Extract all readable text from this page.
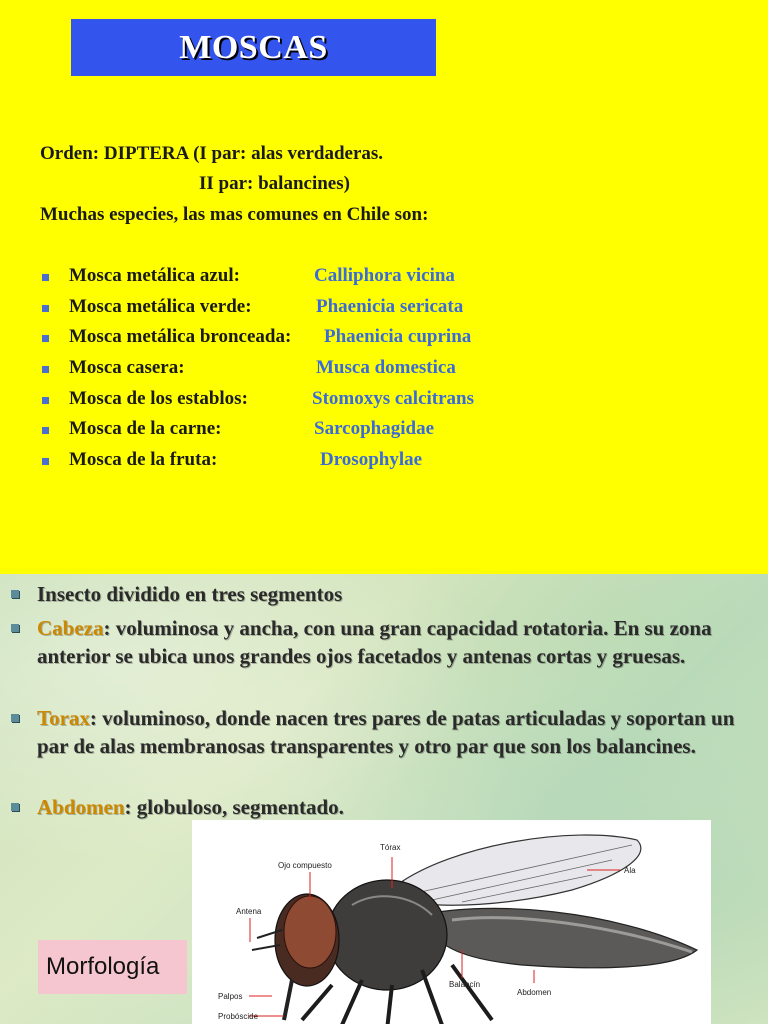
MOSCAS
Orden: DIPTERA (I par: alas verdaderas.
II par: balancines)
Muchas especies, las mas comunes en Chile son:
Mosca metálica azul:	Calliphora vicina
Mosca metálica verde:	Phaenicia sericata
Mosca metálica bronceada: Phaenicia cuprina
Mosca casera:	Musca domestica
Mosca de los establos:	Stomoxys calcitrans
Mosca de la carne:	Sarcophagidae
Mosca de la fruta:	Drosophylae
Insecto dividido en tres segmentos
Cabeza: voluminosa y ancha, con una gran capacidad rotatoria. En su zona anterior se ubica unos grandes ojos facetados y antenas cortas y gruesas.
Torax: voluminoso, donde nacen tres pares de patas articuladas y soportan un par de alas membranosas transparentes y otro par que son los balancines.
Abdomen: globuloso, segmentado.
Tórax
Ojo compuesto
Ala
Antena
Abdomen
Palpos
Balancín
Probóscide
Morfología
